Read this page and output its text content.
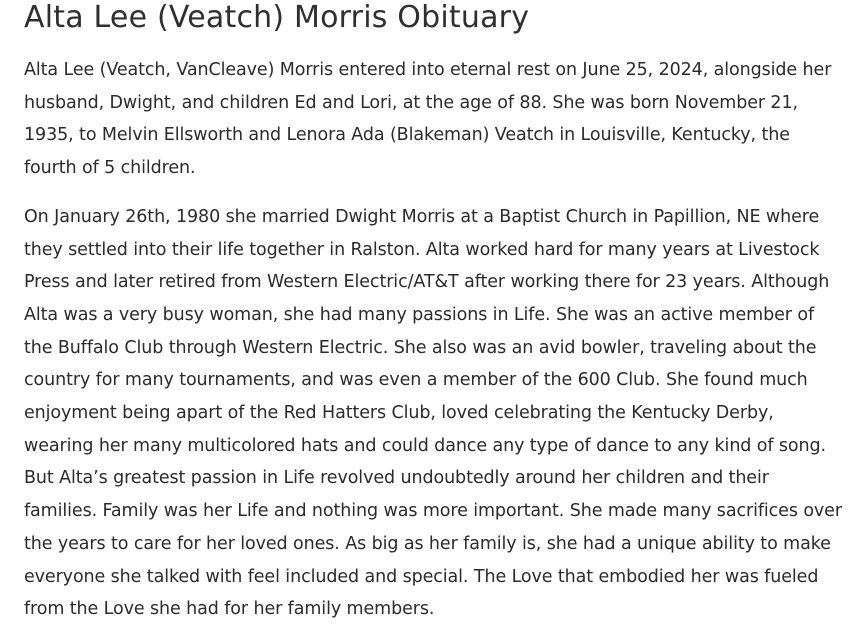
Alta Lee (Veatch) Morris Obituary

Alta Lee (Veatch, VanCleave) Morris entered into eternal rest on June 25, 2024, alongside her husband, Dwight, and children Ed and Lori, at the age of 88. She was born November 21, 1935, to Melvin Ellsworth and Lenora Ada (Blakeman) Veatch in Louisville, Kentucky, the fourth of 5 children.

On January 26th, 1980 she married Dwight Morris at a Baptist Church in Papillion, NE where they settled into their life together in Ralston. Alta worked hard for many years at Livestock Press and later retired from Western Electric/AT&T after working there for 23 years. Although Alta was a very busy woman, she had many passions in Life. She was an active member of the Buffalo Club through Western Electric. She also was an avid bowler, traveling about the country for many tournaments, and was even a member of the 600 Club. She found much enjoyment being apart of the Red Hatters Club, loved celebrating the Kentucky Derby, wearing her many multicolored hats and could dance any type of dance to any kind of song. But Alta’s greatest passion in Life revolved undoubtedly around her children and their families. Family was her Life and nothing was more important. She made many sacrifices over the years to care for her loved ones. As big as her family is, she had a unique ability to make everyone she talked with feel included and special. The Love that embodied her was fueled from the Love she had for her family members.
